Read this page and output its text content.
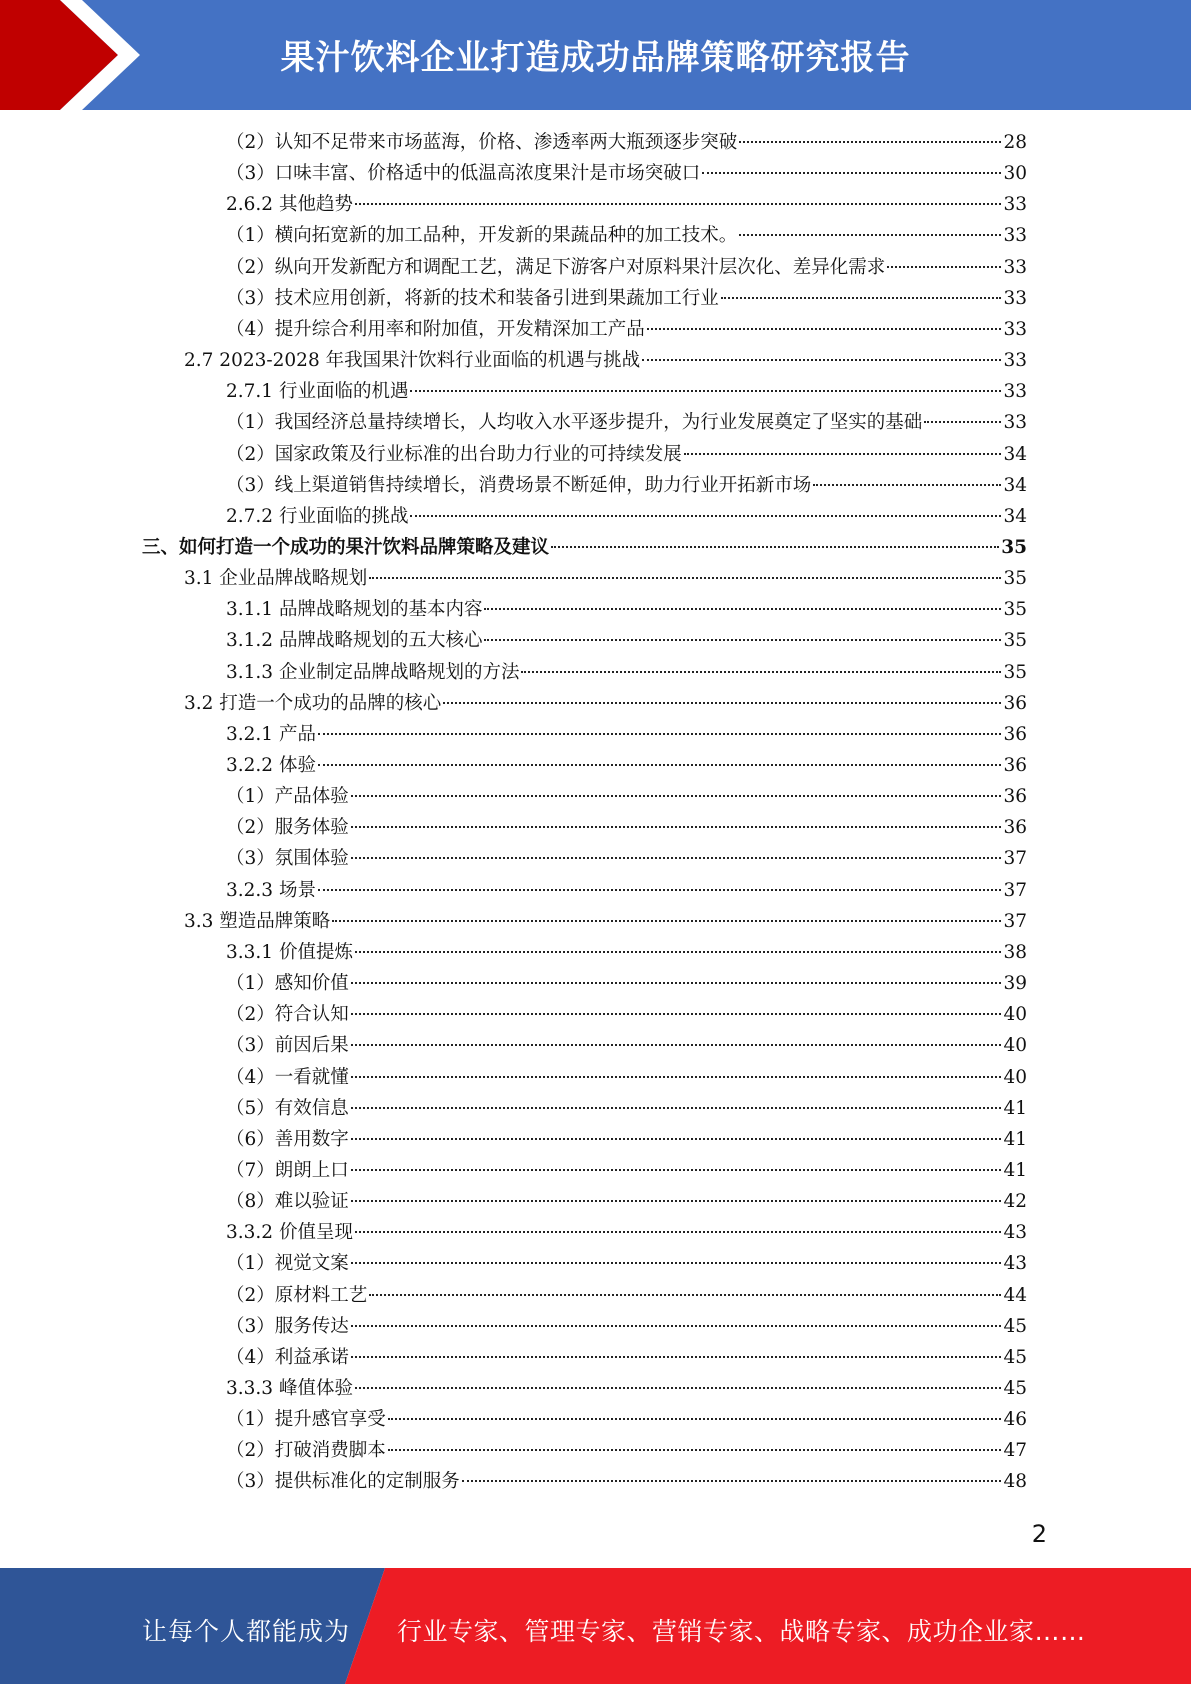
果汁饮料企业打造成功品牌策略研究报告
（2）认知不足带来市场蓝海，价格、渗透率两大瓶颈逐步突破	28
（3）口味丰富、价格适中的低温高浓度果汁是市场突破口	30
2.6.2 其他趋势	33
（1）横向拓宽新的加工品种，开发新的果蔬品种的加工技术。	33
（2）纵向开发新配方和调配工艺，满足下游客户对原料果汁层次化、差异化需求	33
（3）技术应用创新，将新的技术和装备引进到果蔬加工行业	33
（4）提升综合利用率和附加值，开发精深加工产品	33
2.7 2023-2028 年我国果汁饮料行业面临的机遇与挑战	33
2.7.1 行业面临的机遇	33
（1）我国经济总量持续增长，人均收入水平逐步提升，为行业发展奠定了坚实的基础	33
（2）国家政策及行业标准的出台助力行业的可持续发展	34
（3）线上渠道销售持续增长，消费场景不断延伸，助力行业开拓新市场	34
2.7.2 行业面临的挑战	34
三、如何打造一个成功的果汁饮料品牌策略及建议	35
3.1 企业品牌战略规划	35
3.1.1 品牌战略规划的基本内容	35
3.1.2 品牌战略规划的五大核心	35
3.1.3 企业制定品牌战略规划的方法	35
3.2 打造一个成功的品牌的核心	36
3.2.1 产品	36
3.2.2 体验	36
（1）产品体验	36
（2）服务体验	36
（3）氛围体验	37
3.2.3 场景	37
3.3 塑造品牌策略	37
3.3.1 价值提炼	38
（1）感知价值	39
（2）符合认知	40
（3）前因后果	40
（4）一看就懂	40
（5）有效信息	41
（6）善用数字	41
（7）朗朗上口	41
（8）难以验证	42
3.3.2 价值呈现	43
（1）视觉文案	43
（2）原材料工艺	44
（3）服务传达	45
（4）利益承诺	45
3.3.3 峰值体验	45
（1）提升感官享受	46
（2）打破消费脚本	47
（3）提供标准化的定制服务	48
2
让每个人都能成为 行业专家、管理专家、营销专家、战略专家、成功企业家……
